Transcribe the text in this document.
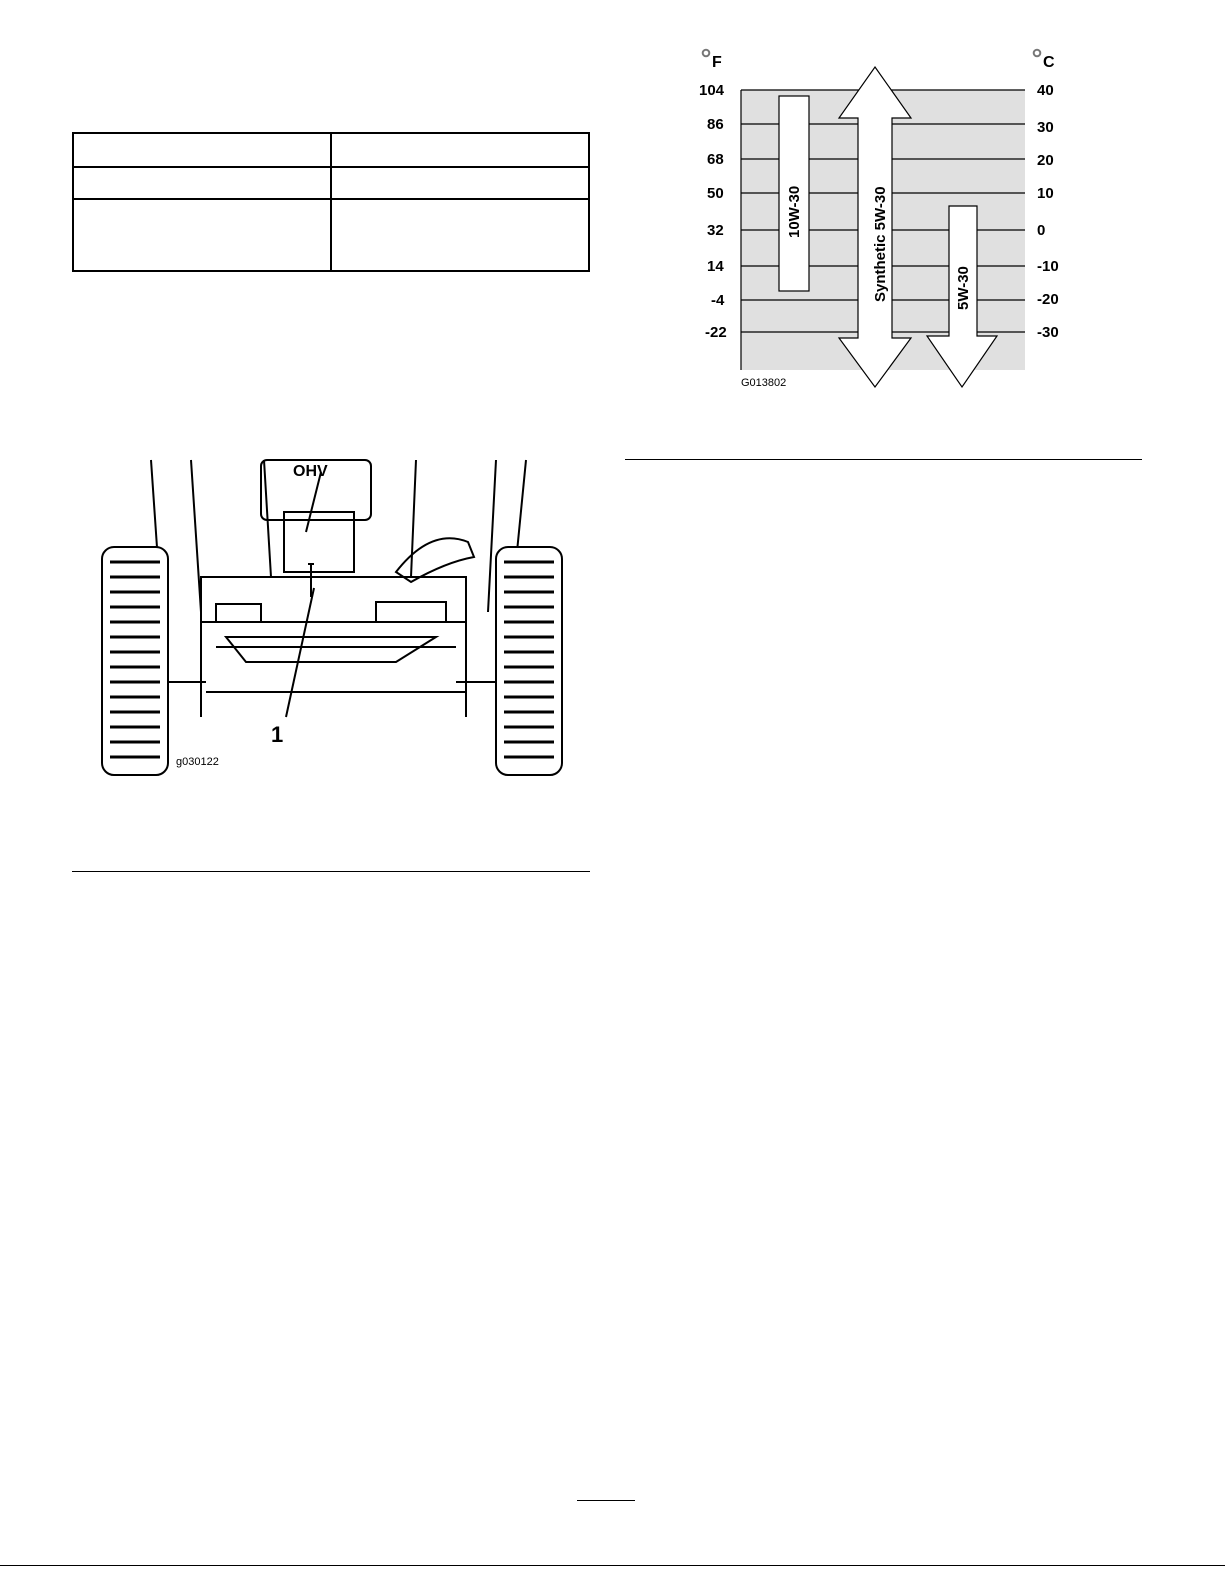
F	C
104
86
68
50
32
14
-4
-22
40
30
20
10
0
-10
-20
-30
10W-30	Synthetic 5W-30	5W-30
G013802
OHV
1
g030122
